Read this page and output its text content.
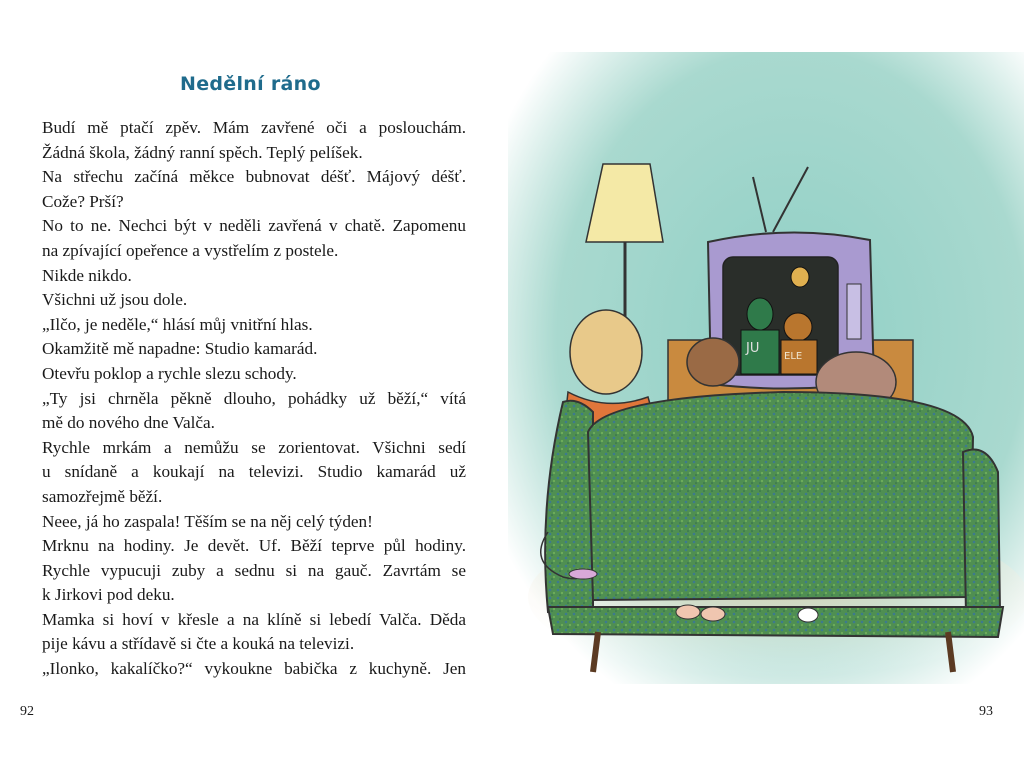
Nedělní ráno
Budí mě ptačí zpěv. Mám zavřené oči a poslouchám.
Žádná škola, žádný ranní spěch. Teplý pelíšek.
Na střechu začíná měkce bubnovat déšť. Májový déšť.
Cože? Prší?
No to ne. Nechci být v neděli zavřená v chatě. Zapomenu
na zpívající opeřence a vystřelím z postele.
Nikde nikdo.
Všichni už jsou dole.
„Ilčo, je neděle,“ hlásí můj vnitřní hlas.
Okamžitě mě napadne: Studio kamarád.
Otevřu poklop a rychle slezu schody.
„Ty jsi chrněla pěkně dlouho, pohádky už běží,“ vítá
mě do nového dne Valča.
Rychle mrkám a nemůžu se zorientovat. Všichni sedí
u snídaně a koukají na televizi. Studio kamarád už
samozřejmě běží.
Neee, já ho zaspala! Těším se na něj celý týden!
Mrknu na hodiny. Je devět. Uf. Běží teprve půl hodiny.
Rychle vypucuji zuby a sednu si na gauč. Zavrtám se
k Jirkovi pod deku.
Mamka si hoví v křesle a na klíně si lebedí Valča. Děda
pije kávu a střídavě si čte a kouká na televizi.
„Ilonko, kakalíčko?“ vykoukne babička z kuchyně. Jen
92
JU
ELE
93
